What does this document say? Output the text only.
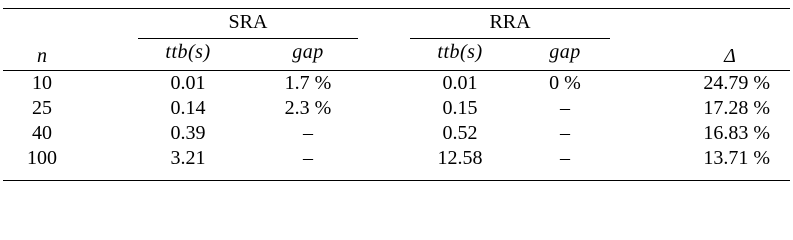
SRA	RRA
n	ttb(s)	gap	ttb(s)	gap	Δ
10	0.01	1.7 %	0.01	0 %	24.79 %
25	0.14	2.3 %	0.15	–	17.28 %
40	0.39	–	0.52	–	16.83 %
100	3.21	–	12.58	–	13.71 %
